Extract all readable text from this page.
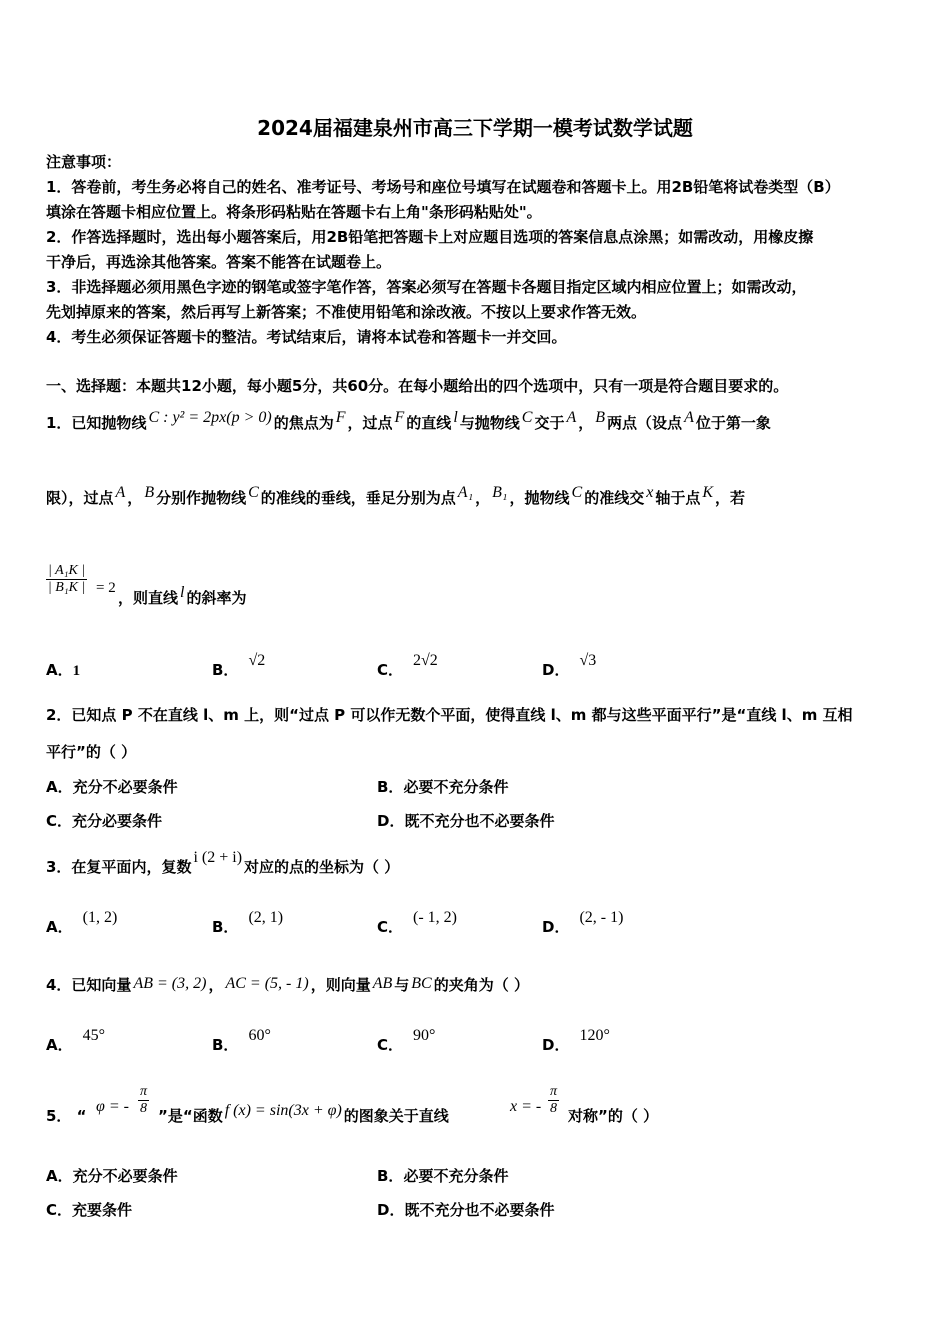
2024届福建泉州市高三下学期一模考试数学试题
注意事项：
1．答卷前，考生务必将自己的姓名、准考证号、考场号和座位号填写在试题卷和答题卡上。用2B铅笔将试卷类型（B）
填涂在答题卡相应位置上。将条形码粘贴在答题卡右上角"条形码粘贴处"。
2．作答选择题时，选出每小题答案后，用2B铅笔把答题卡上对应题目选项的答案信息点涂黑；如需改动，用橡皮擦
干净后，再选涂其他答案。答案不能答在试题卷上。
3．非选择题必须用黑色字迹的钢笔或签字笔作答，答案必须写在答题卡各题目指定区域内相应位置上；如需改动，
先划掉原来的答案，然后再写上新答案；不准使用铅笔和涂改液。不按以上要求作答无效。
4．考生必须保证答题卡的整洁。考试结束后，请将本试卷和答题卡一并交回。
一、选择题：本题共12小题，每小题5分，共60分。在每小题给出的四个选项中，只有一项是符合题目要求的。
1．已知抛物线 C : y² = 2px(p > 0) 的焦点为 F ，过点 F 的直线 l 与抛物线 C 交于 A ， B 两点（设点 A 位于第一象
限），过点 A ， B 分别作抛物线 C 的准线的垂线，垂足分别为点 A₁ ， B₁ ，抛物线 C 的准线交 x 轴于点 K ，若
$\frac{\text{| A₁K |}}{\text{| B₁K |}} = 2$
，则直线 l 的斜率为
A．1	B．√2
C．2√2
D．√3
2．已知点 P 不在直线 l、m 上，则“过点 P 可以作无数个平面，使得直线 l、m 都与这些平面平行”是“直线 l、m 互相
平行”的（ ）
A．充分不必要条件	B．必要不充分条件
C．充分必要条件	D．既不充分也不必要条件
3．在复平面内，复数i (2 + i)对应的点的坐标为（ ）
A．(1, 2)
B．(2, 1)
C．(- 1, 2)
D．(2, - 1)
4．已知向量 AB = (3, 2) ， AC = (5, - 1) ，则向量 AB 与 BC 的夹角为（ ）
A．45°
B．60°
C．90°
D．120°
5． “
φ = - $\frac{\pi}{8}$ ”是“函数 f (x) = sin(3x + φ) 的图象关于直线
x = - $\frac{\pi}{8}$ 对称”的（ ）
A．充分不必要条件	B．必要不充分条件
C．充要条件	D．既不充分也不必要条件
